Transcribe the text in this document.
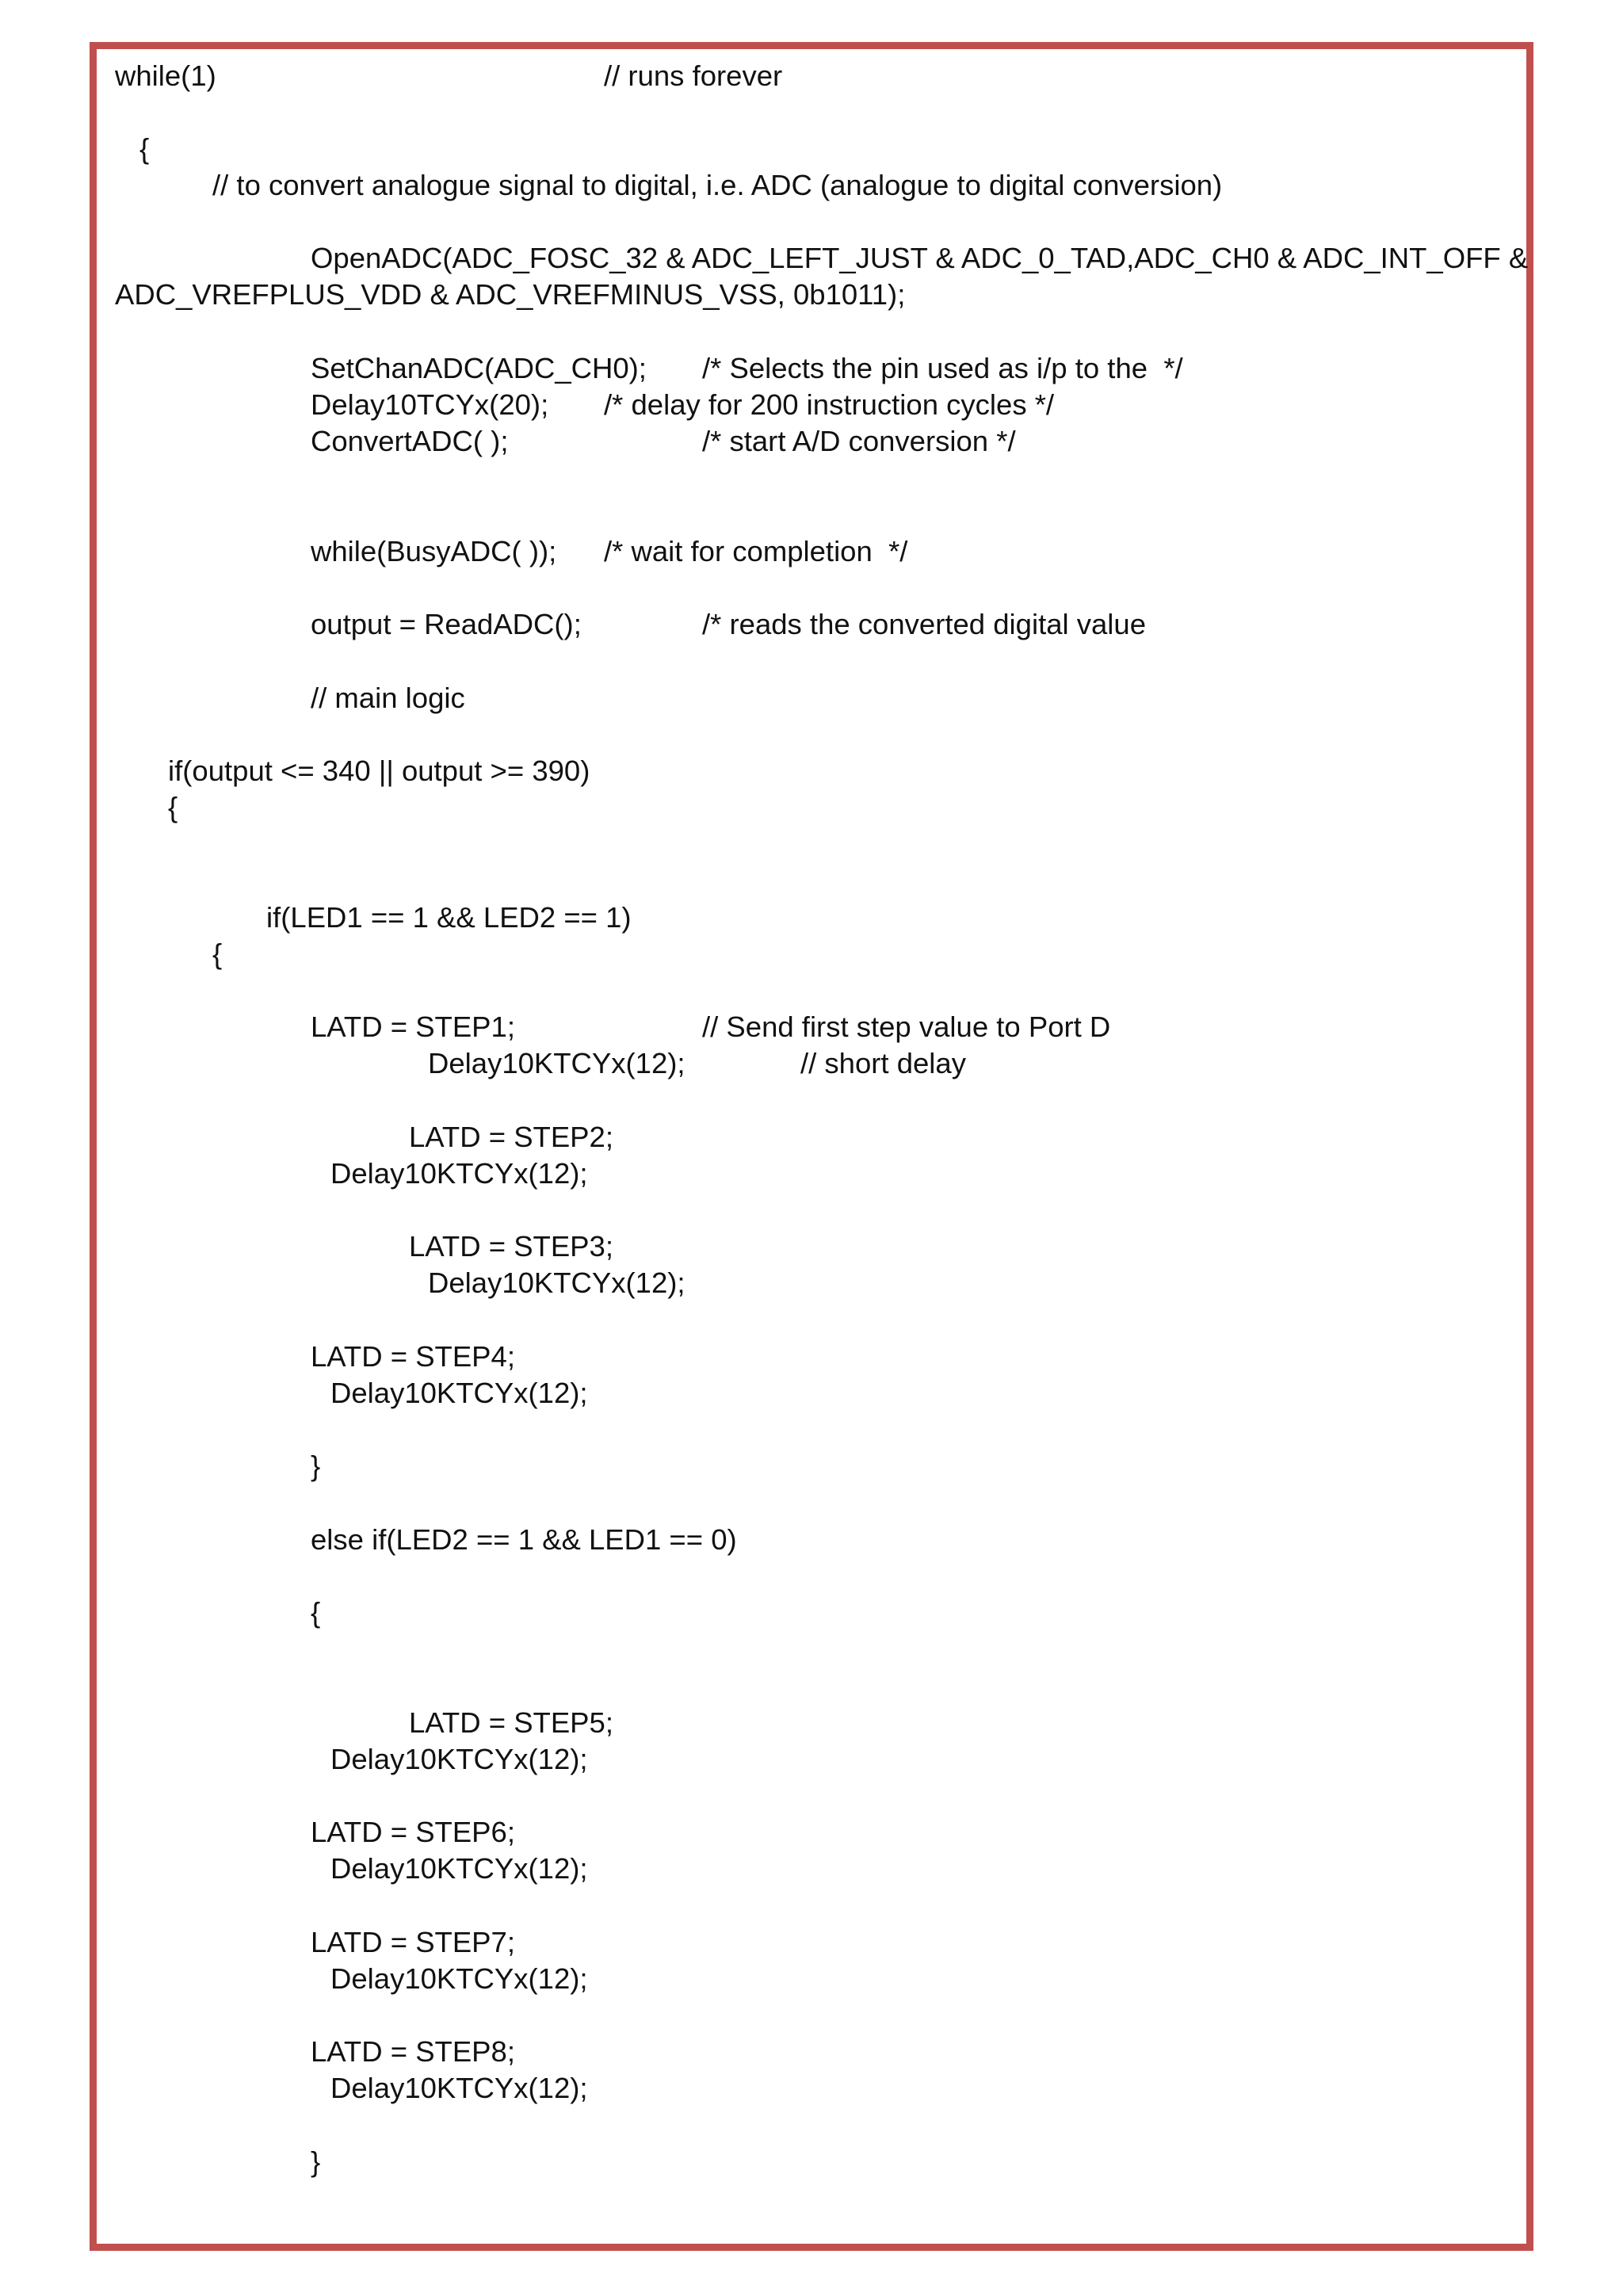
while(1)	// runs forever
{
// to convert analogue signal to digital, i.e. ADC (analogue to digital conversion)
OpenADC(ADC_FOSC_32 & ADC_LEFT_JUST & ADC_0_TAD,ADC_CH0 & ADC_INT_OFF &
ADC_VREFPLUS_VDD & ADC_VREFMINUS_VSS, 0b1011);
SetChanADC(ADC_CH0); /* Selects the pin used as i/p to the  */
Delay10TCYx(20); /* delay for 200 instruction cycles */
ConvertADC( );	/* start A/D conversion */
while(BusyADC( )); /* wait for completion  */
output = ReadADC();	/* reads the converted digital value
// main logic
if(output <= 340 || output >= 390)
{
if(LED1 == 1 && LED2 == 1)
{
LATD = STEP1;	// Send first step value to Port D
Delay10KTCYx(12);	// short delay
LATD = STEP2;
Delay10KTCYx(12);
LATD = STEP3;
Delay10KTCYx(12);
LATD = STEP4;
Delay10KTCYx(12);
}
else if(LED2 == 1 && LED1 == 0)
{
LATD = STEP5;
Delay10KTCYx(12);
LATD = STEP6;
Delay10KTCYx(12);
LATD = STEP7;
Delay10KTCYx(12);
LATD = STEP8;
Delay10KTCYx(12);
}
